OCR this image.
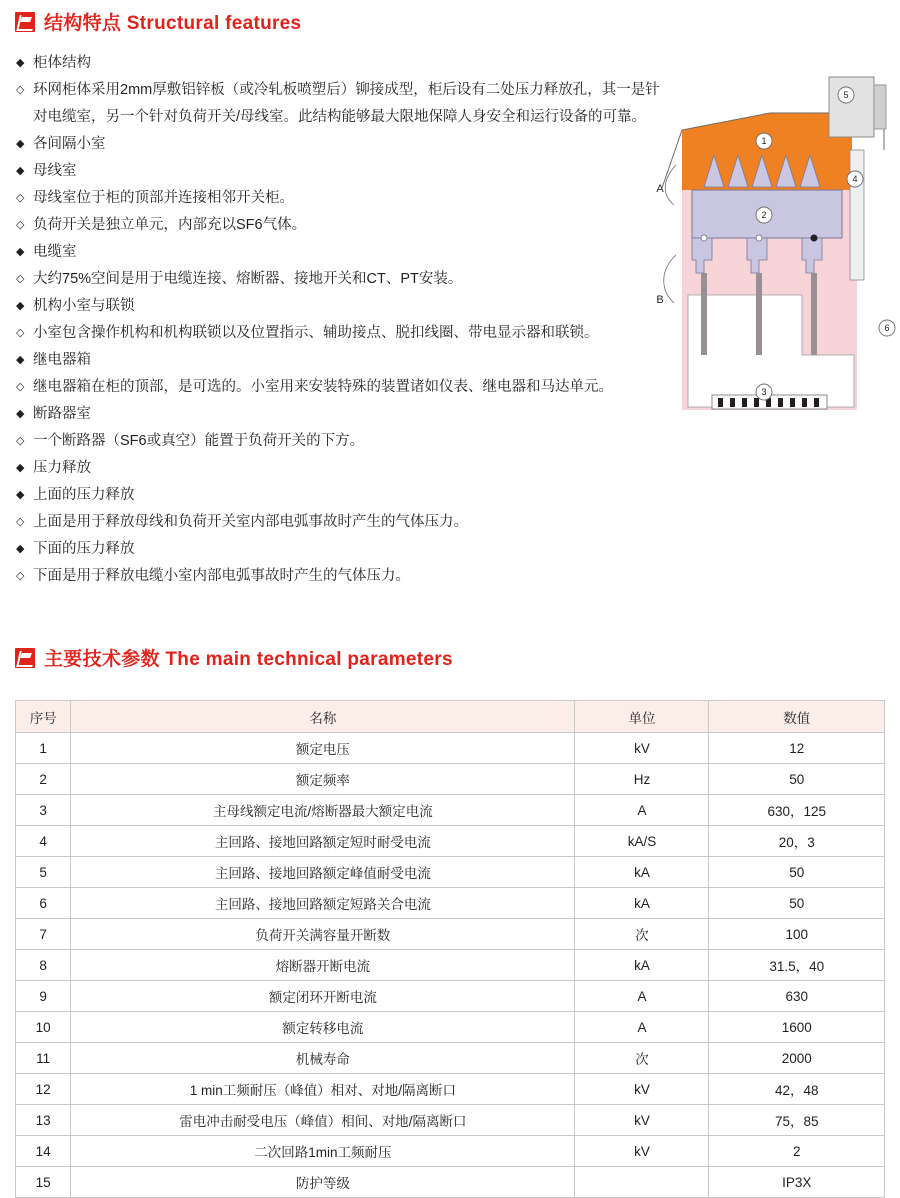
结构特点 Structural features
◆ 柜体结构
◇ 环网柜体采用2mm厚敷铝锌板（或冷轧板喷塑后）铆接成型，柜后设有二处压力释放孔，其一是针对电缆室，另一个针对负荷开关/母线室。此结构能够最大限地保障人身安全和运行设备的可靠。
◆ 各间隔小室
◆ 母线室
◇ 母线室位于柜的顶部并连接相邻开关柜。
◇ 负荷开关是独立单元，内部充以SF6气体。
◆ 电缆室
◇ 大约75%空间是用于电缆连接、熔断器、接地开关和CT、PT安装。
◆ 机构小室与联锁
◇ 小室包含操作机构和机构联锁以及位置指示、辅助接点、脱扣线圈、带电显示器和联锁。
◆ 继电器箱
◇ 继电器箱在柜的顶部，是可选的。小室用来安装特殊的装置诸如仪表、继电器和马达单元。
◆ 断路器室
◇ 一个断路器（SF6或真空）能置于负荷开关的下方。
◆ 压力释放
◆ 上面的压力释放
◇ 上面是用于释放母线和负荷开关室内部电弧事故时产生的气体压力。
◆ 下面的压力释放
◇ 下面是用于释放电缆小室内部电弧事故时产生的气体压力。
1
2
3
4
5
6
A
B
主要技术参数 The main technical parameters
序号	名称	单位	数值
1	额定电压	kV	12
2	额定频率	Hz	50
3	主母线额定电流/熔断器最大额定电流	A	630，125
4	主回路、接地回路额定短时耐受电流	kA/S	20，3
5	主回路、接地回路额定峰值耐受电流	kA	50
6	主回路、接地回路额定短路关合电流	kA	50
7	负荷开关满容量开断数	次	100
8	熔断器开断电流	kA	31.5，40
9	额定闭环开断电流	A	630
10	额定转移电流	A	1600
11	机械寿命	次	2000
12	1 min工频耐压（峰值）相对、对地/隔离断口	kV	42，48
13	雷电冲击耐受电压（峰值）相间、对地/隔离断口	kV	75，85
14	二次回路1min工频耐压	kV	2
15	防护等级		IP3X
